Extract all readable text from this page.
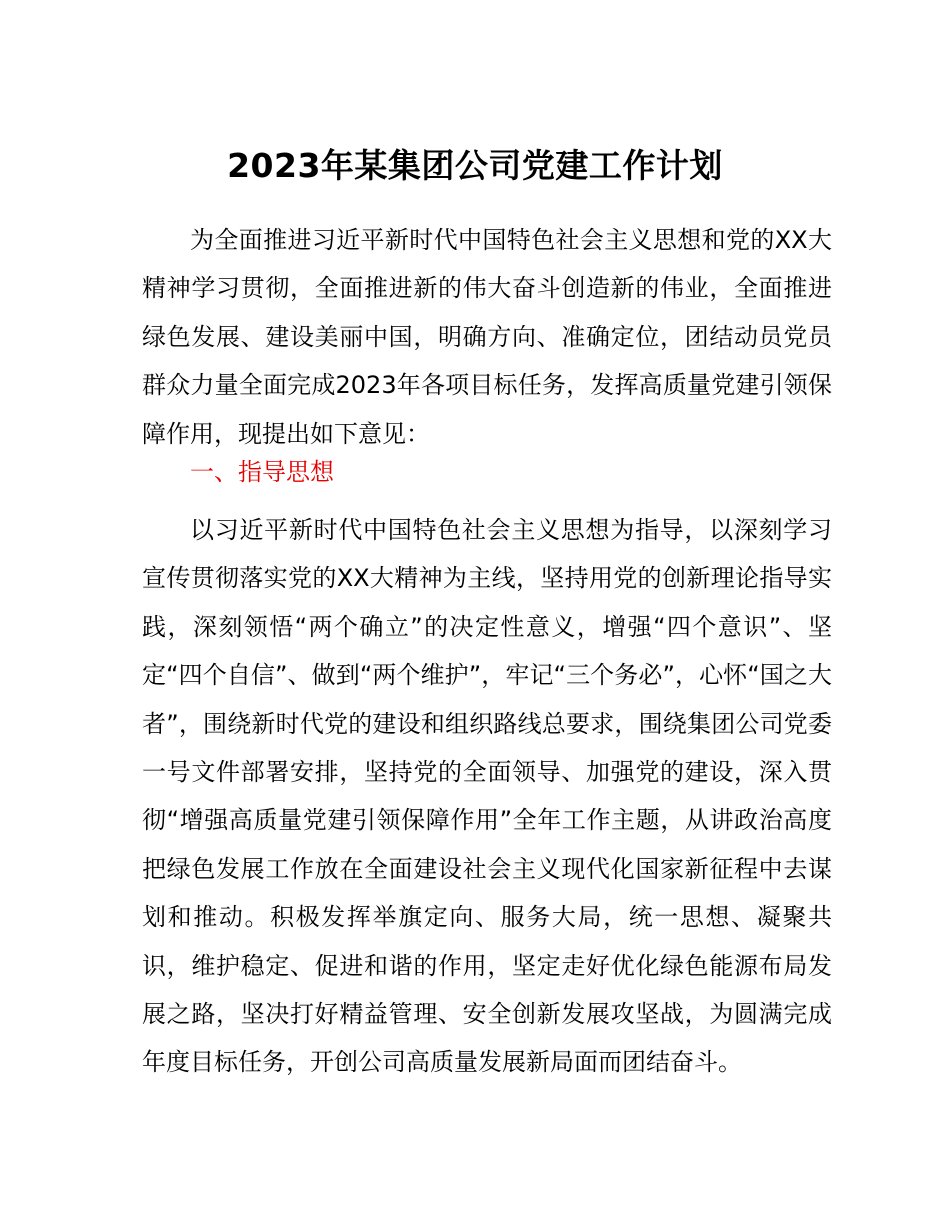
2023年某集团公司党建工作计划

为全面推进习近平新时代中国特色社会主义思想和党的XX大精神学习贯彻，全面推进新的伟大奋斗创造新的伟业，全面推进绿色发展、建设美丽中国，明确方向、准确定位，团结动员党员群众力量全面完成2023年各项目标任务，发挥高质量党建引领保障作用，现提出如下意见：

一、指导思想

以习近平新时代中国特色社会主义思想为指导，以深刻学习宣传贯彻落实党的XX大精神为主线，坚持用党的创新理论指导实践，深刻领悟“两个确立”的决定性意义，增强“四个意识”、坚定“四个自信”、做到“两个维护”，牢记“三个务必”，心怀“国之大者”，围绕新时代党的建设和组织路线总要求，围绕集团公司党委一号文件部署安排，坚持党的全面领导、加强党的建设，深入贯彻“增强高质量党建引领保障作用”全年工作主题，从讲政治高度把绿色发展工作放在全面建设社会主义现代化国家新征程中去谋划和推动。积极发挥举旗定向、服务大局，统一思想、凝聚共识，维护稳定、促进和谐的作用，坚定走好优化绿色能源布局发展之路，坚决打好精益管理、安全创新发展攻坚战，为圆满完成年度目标任务，开创公司高质量发展新局面而团结奋斗。
